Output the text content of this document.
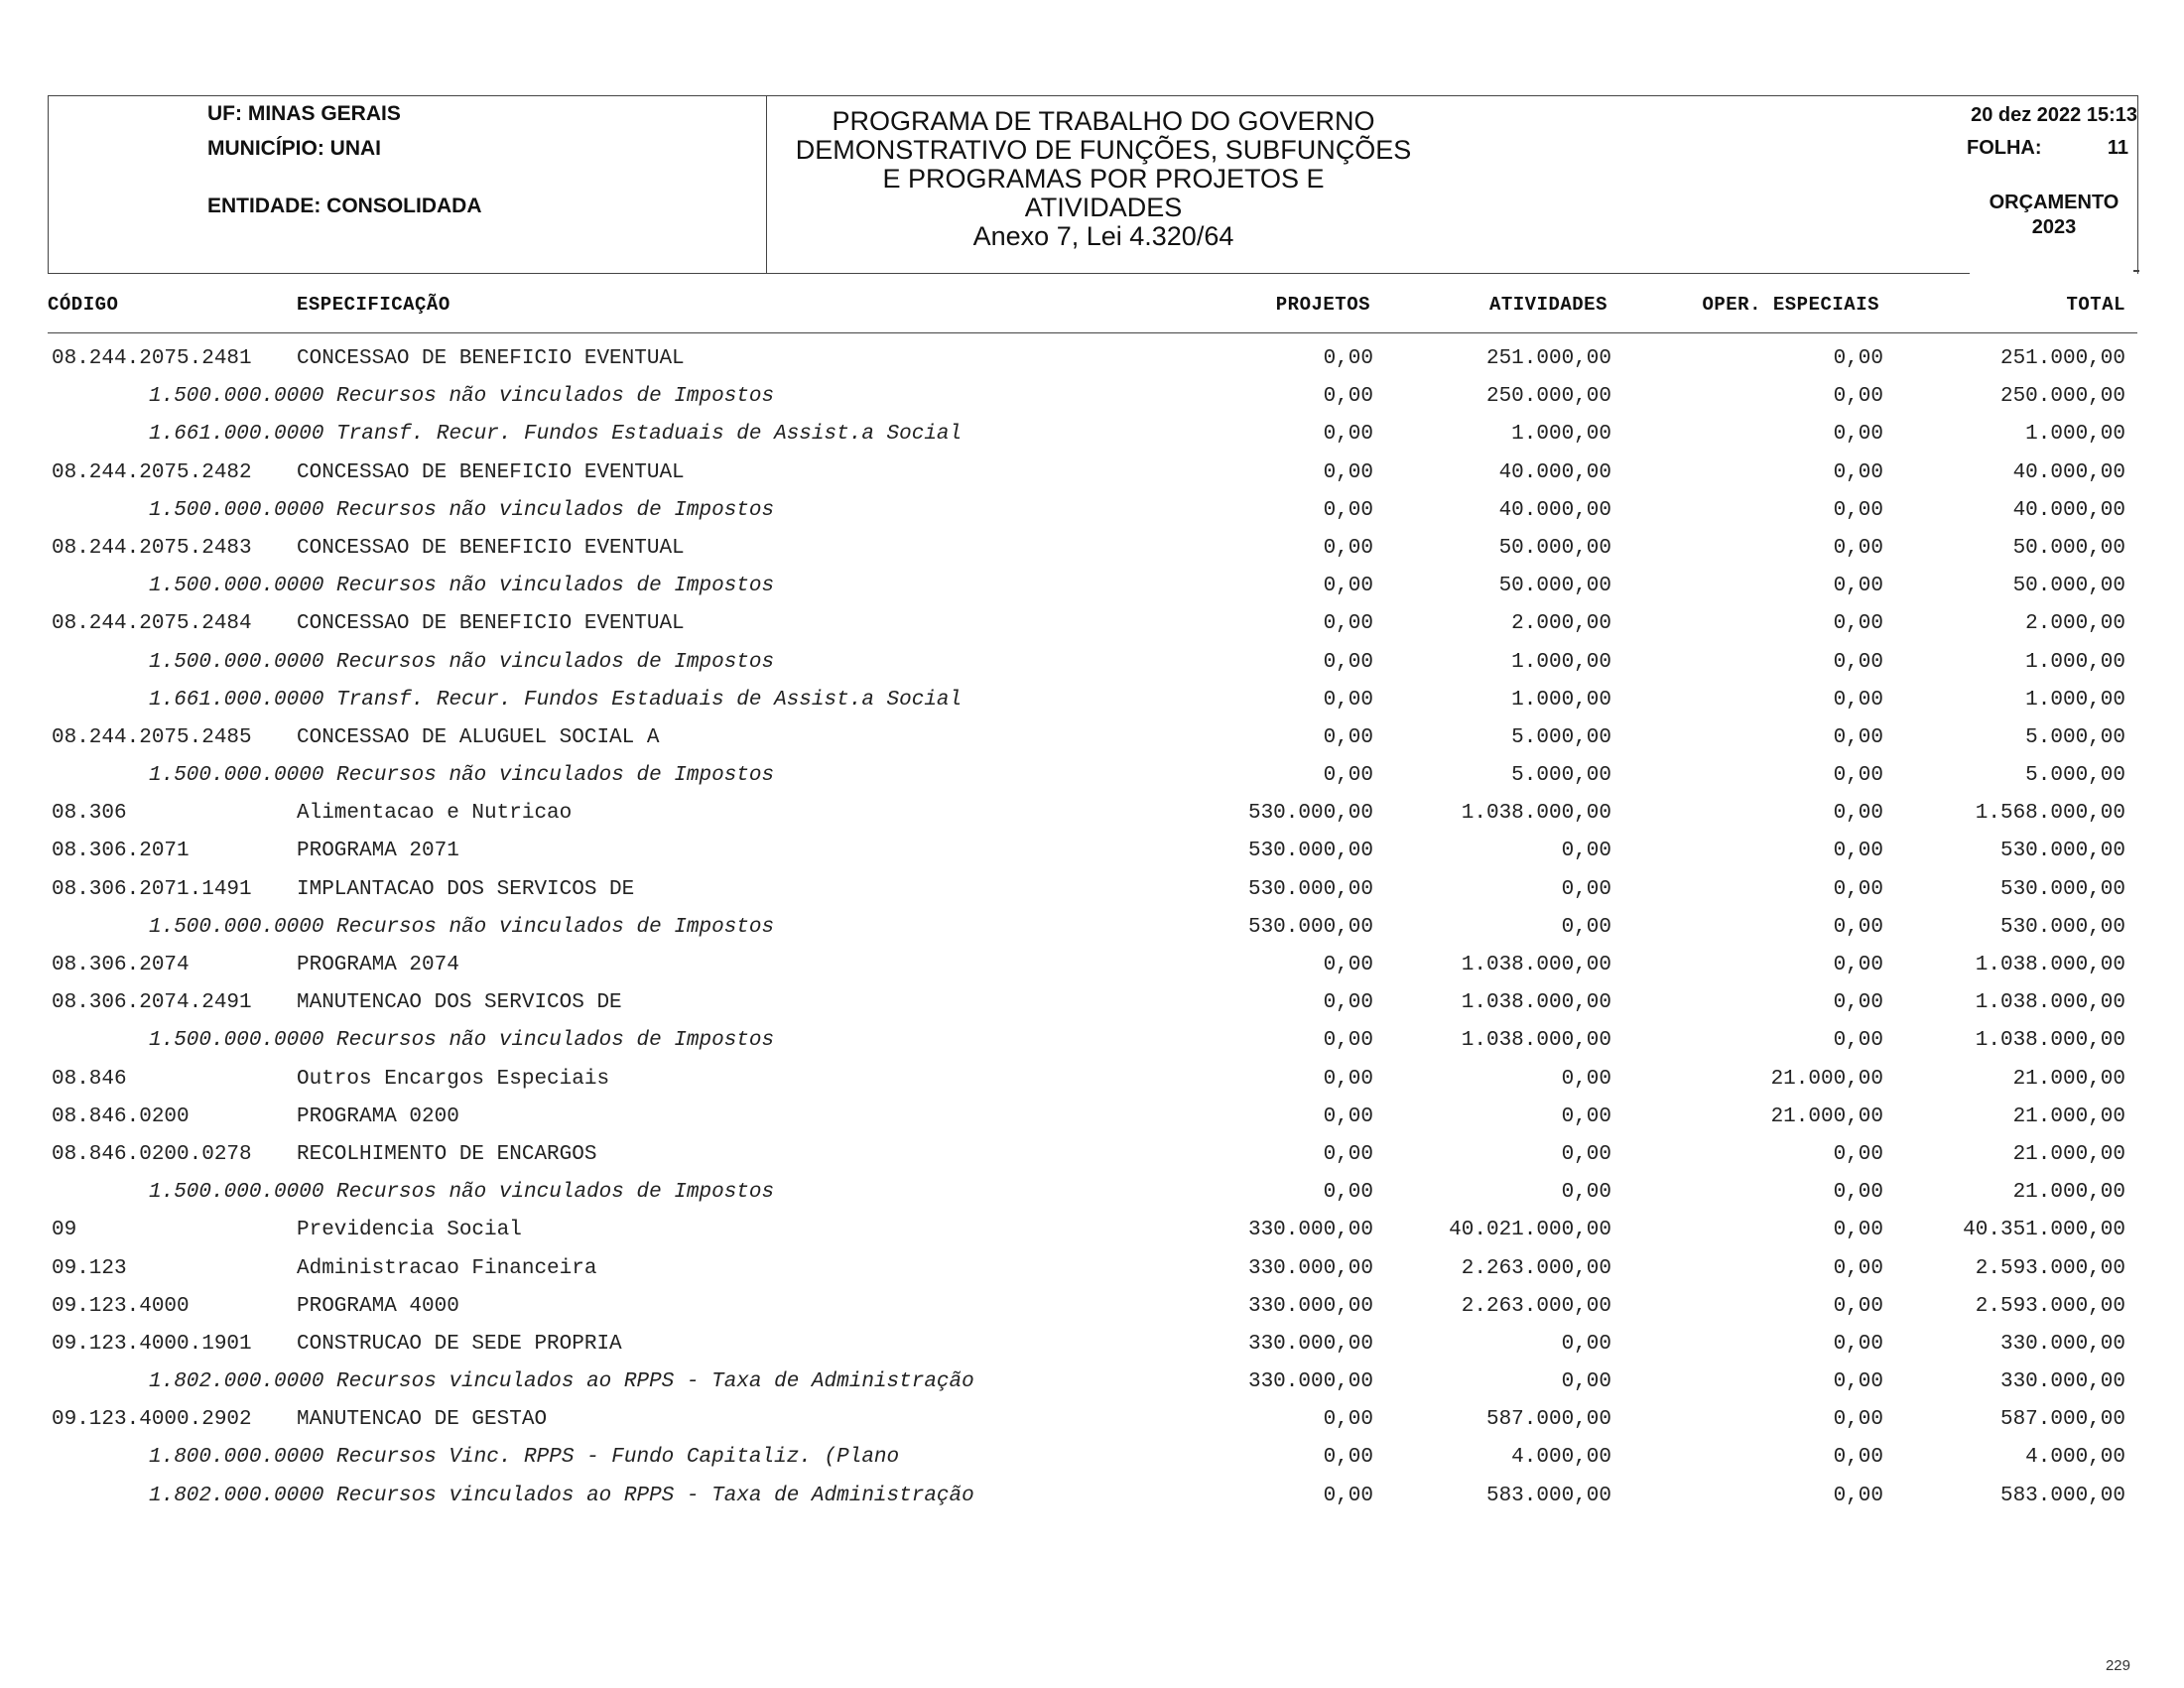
UF: MINAS GERAIS
MUNICÍPIO: UNAI
ENTIDADE: CONSOLIDADA
PROGRAMA DE TRABALHO DO GOVERNO
DEMONSTRATIVO DE FUNÇÕES, SUBFUNÇÕES
E PROGRAMAS POR PROJETOS E
ATIVIDADES
Anexo 7, Lei 4.320/64
20 dez 2022 15:13
FOLHA:	11
ORÇAMENTO
2023
CÓDIGO	ESPECIFICAÇÃO	PROJETOS	ATIVIDADES	OPER. ESPECIAIS	TOTAL
08.244.2075.2481 CONCESSAO DE BENEFICIO EVENTUAL	0,00	251.000,00	0,00	251.000,00
1.500.000.0000 Recursos não vinculados de Impostos	0,00	250.000,00	0,00	250.000,00
1.661.000.0000 Transf. Recur. Fundos Estaduais de Assist.a Social	0,00	1.000,00	0,00	1.000,00
08.244.2075.2482 CONCESSAO DE BENEFICIO EVENTUAL	0,00	40.000,00	0,00	40.000,00
1.500.000.0000 Recursos não vinculados de Impostos	0,00	40.000,00	0,00	40.000,00
08.244.2075.2483 CONCESSAO DE BENEFICIO EVENTUAL	0,00	50.000,00	0,00	50.000,00
1.500.000.0000 Recursos não vinculados de Impostos	0,00	50.000,00	0,00	50.000,00
08.244.2075.2484 CONCESSAO DE BENEFICIO EVENTUAL	0,00	2.000,00	0,00	2.000,00
1.500.000.0000 Recursos não vinculados de Impostos	0,00	1.000,00	0,00	1.000,00
1.661.000.0000 Transf. Recur. Fundos Estaduais de Assist.a Social	0,00	1.000,00	0,00	1.000,00
08.244.2075.2485 CONCESSAO DE ALUGUEL SOCIAL A	0,00	5.000,00	0,00	5.000,00
1.500.000.0000 Recursos não vinculados de Impostos	0,00	5.000,00	0,00	5.000,00
08.306	Alimentacao e Nutricao	530.000,00	1.038.000,00	0,00	1.568.000,00
08.306.2071	PROGRAMA 2071	530.000,00	0,00	0,00	530.000,00
08.306.2071.1491 IMPLANTACAO DOS SERVICOS DE	530.000,00	0,00	0,00	530.000,00
1.500.000.0000 Recursos não vinculados de Impostos	530.000,00	0,00	0,00	530.000,00
08.306.2074	PROGRAMA 2074	0,00	1.038.000,00	0,00	1.038.000,00
08.306.2074.2491 MANUTENCAO DOS SERVICOS DE	0,00	1.038.000,00	0,00	1.038.000,00
1.500.000.0000 Recursos não vinculados de Impostos	0,00	1.038.000,00	0,00	1.038.000,00
08.846	Outros Encargos Especiais	0,00	0,00	21.000,00	21.000,00
08.846.0200	PROGRAMA 0200	0,00	0,00	21.000,00	21.000,00
08.846.0200.0278 RECOLHIMENTO DE ENCARGOS	0,00	0,00	0,00	21.000,00
1.500.000.0000 Recursos não vinculados de Impostos	0,00	0,00	0,00	21.000,00
09	Previdencia Social	330.000,00	40.021.000,00	0,00	40.351.000,00
09.123	Administracao Financeira	330.000,00	2.263.000,00	0,00	2.593.000,00
09.123.4000	PROGRAMA 4000	330.000,00	2.263.000,00	0,00	2.593.000,00
09.123.4000.1901 CONSTRUCAO DE SEDE PROPRIA	330.000,00	0,00	0,00	330.000,00
1.802.000.0000 Recursos vinculados ao RPPS - Taxa de Administração	330.000,00	0,00	0,00	330.000,00
09.123.4000.2902 MANUTENCAO DE GESTAO	0,00	587.000,00	0,00	587.000,00
1.800.000.0000 Recursos Vinc. RPPS - Fundo Capitaliz. (Plano	0,00	4.000,00	0,00	4.000,00
1.802.000.0000 Recursos vinculados ao RPPS - Taxa de Administração	0,00	583.000,00	0,00	583.000,00
229
